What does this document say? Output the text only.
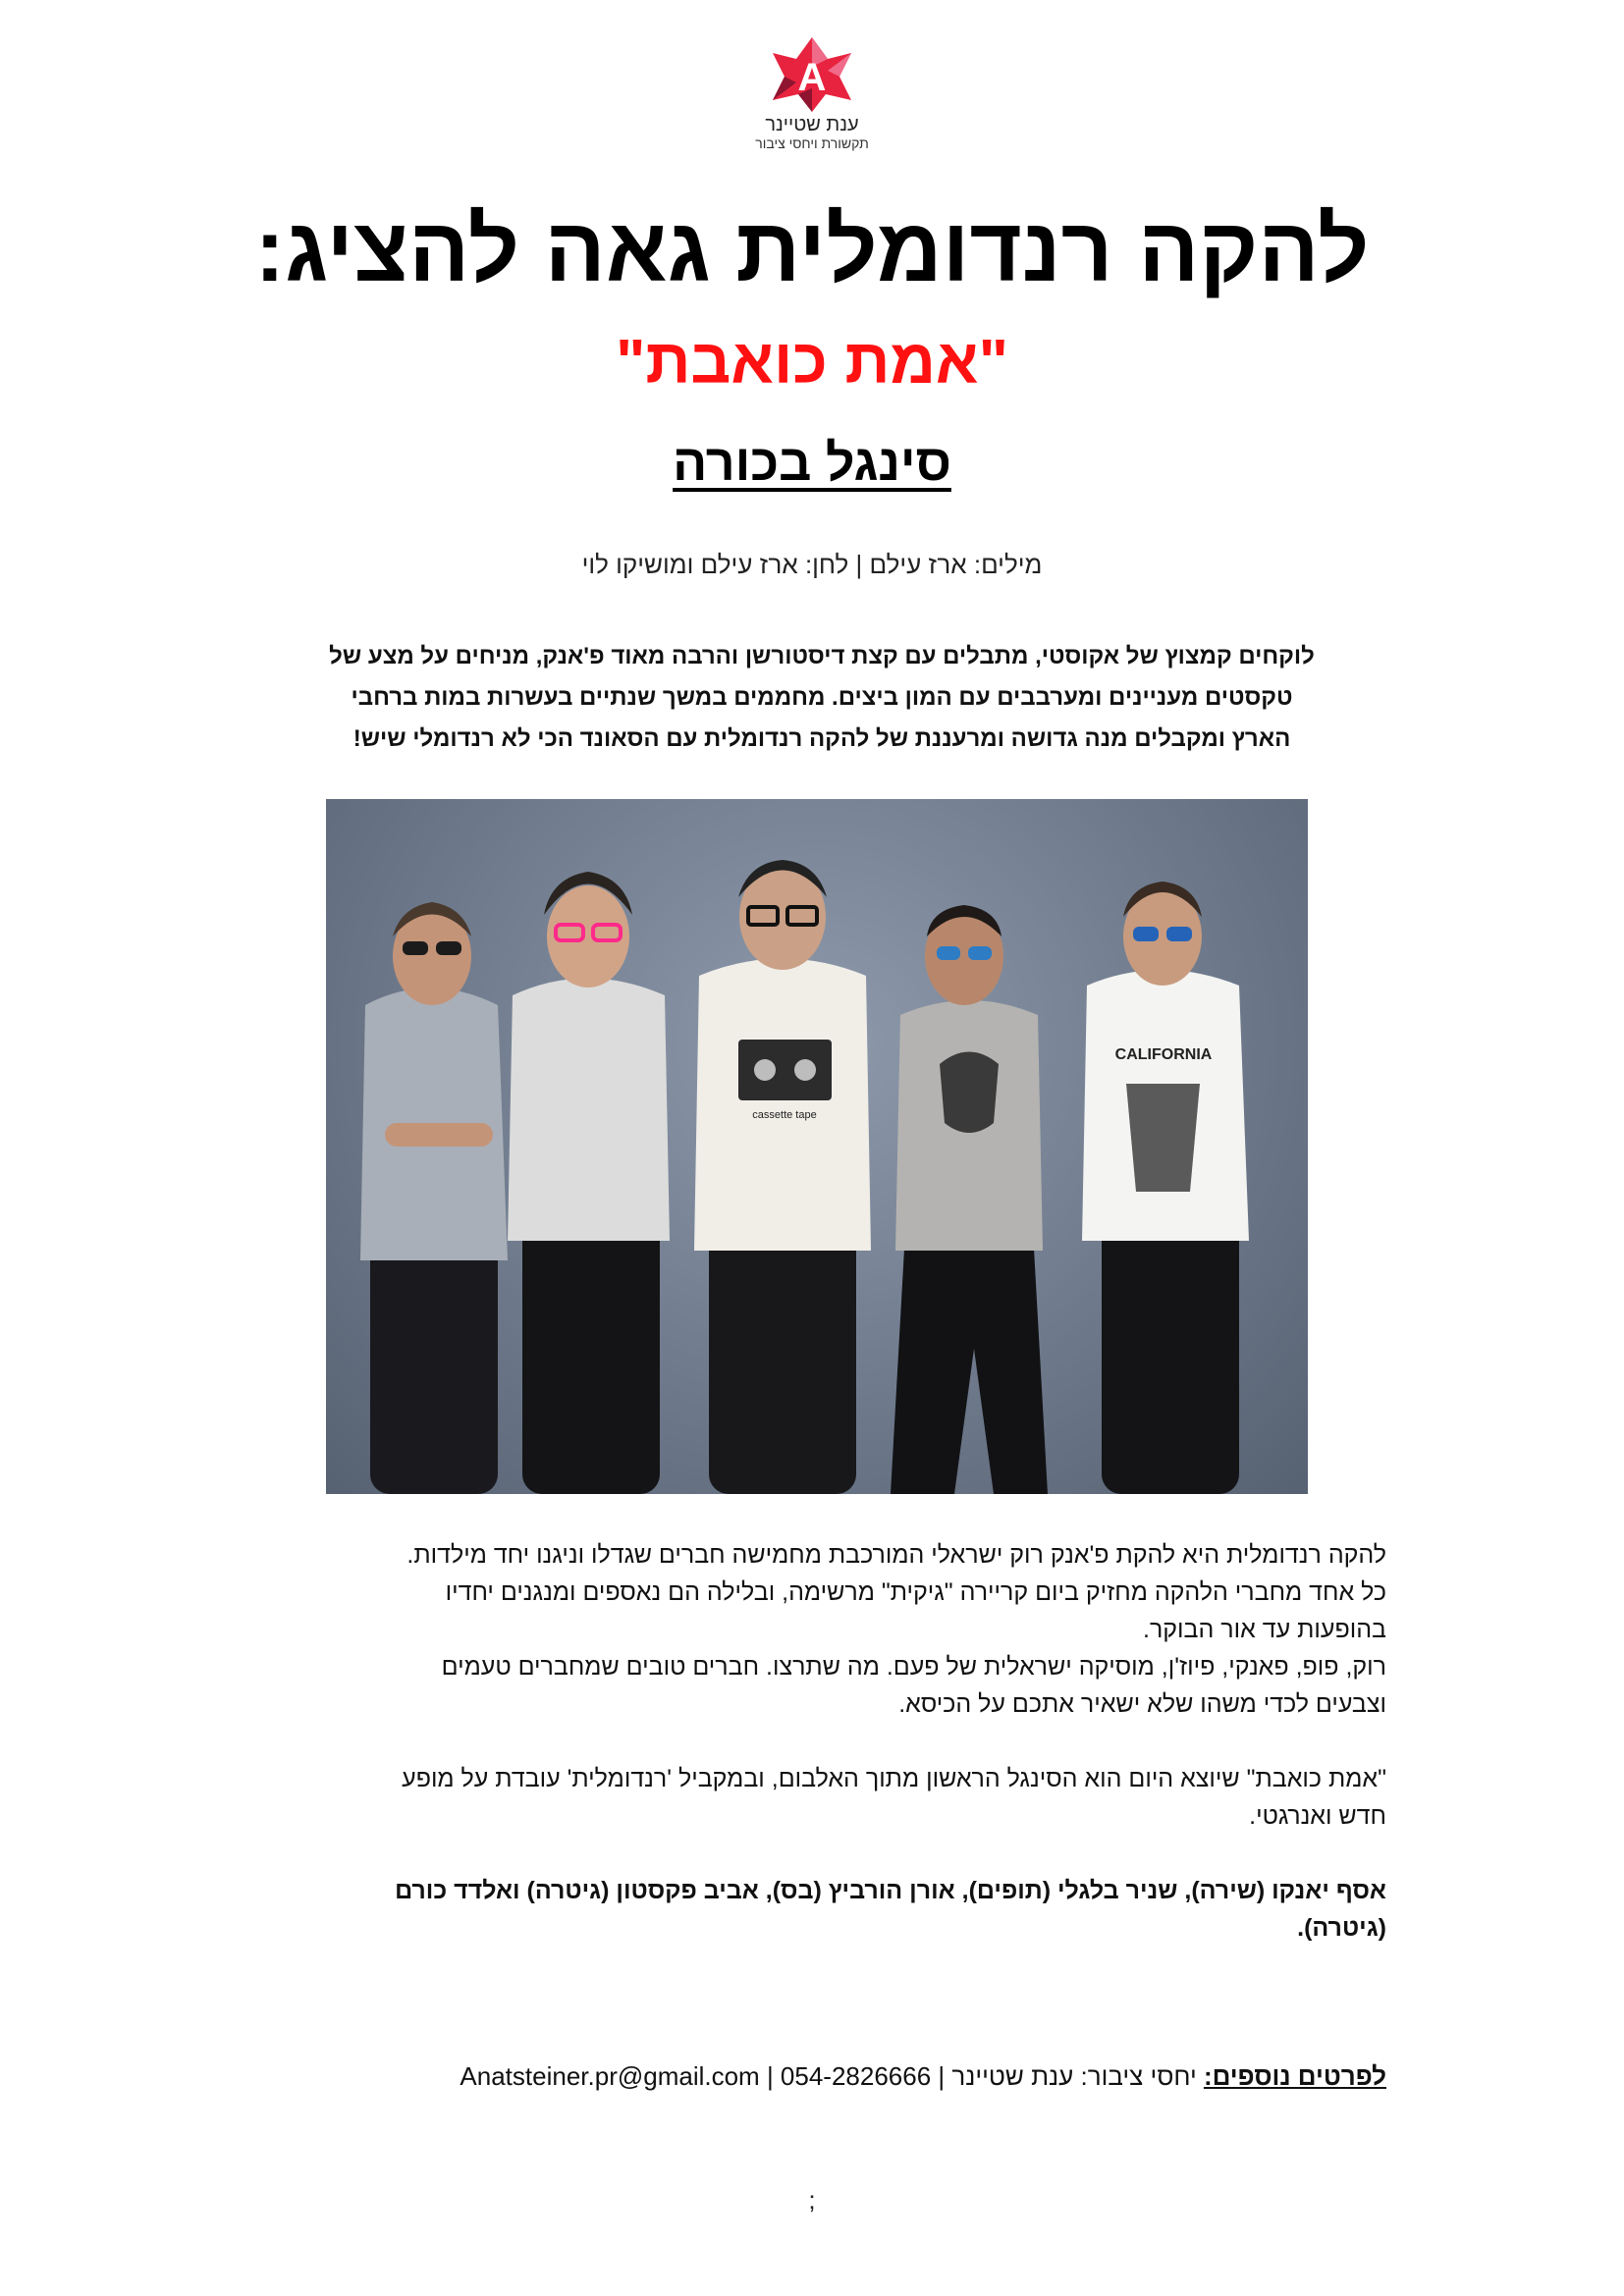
A
ענת שטיינר
תקשורת ויחסי ציבור
להקה רנדומלית גאה להציג:
"אמת כואבת"
סינגל בכורה
מילים: ארז עילם | לחן: ארז עילם ומושיקו לוי
לוקחים קמצוץ של אקוסטי, מתבלים עם קצת דיסטורשן והרבה מאוד פ'אנק, מניחים על מצע של
טקסטים מעניינים ומערבבים עם המון ביצים. מחממים במשך שנתיים בעשרות במות ברחבי
הארץ ומקבלים מנה גדושה ומרעננת של להקה רנדומלית עם הסאונד הכי לא רנדומלי שיש!
cassette tape
CALIFORNIA

להקה רנדומלית היא להקת פ'אנק רוק ישראלי המורכבת מחמישה חברים שגדלו וניגנו יחד מילדות.

כל אחד מחברי הלהקה מחזיק ביום קריירה "גיקית" מרשימה, ובלילה הם נאספים ומנגנים יחדיו

בהופעות עד אור הבוקר.

רוק, פופ, פאנקי, פיוז'ן, מוסיקה ישראלית של פעם. מה שתרצו. חברים טובים שמחברים טעמים

וצבעים לכדי משהו שלא ישאיר אתכם על הכיסא.

"אמת כואבת" שיוצא היום הוא הסינגל הראשון מתוך האלבום, ובמקביל 'רנדומלית' עובדת על מופע

חדש ואנרגטי.

אסף יאנקו (שירה), שניר בלגלי (תופים), אורן הורביץ (בס), אביב פקסטון (גיטרה) ואלדד כורם

(גיטרה).

לפרטים נוספים: יחסי ציבור: ענת שטיינר | 054-2826666 | Anatsteiner.pr@gmail.com
;
